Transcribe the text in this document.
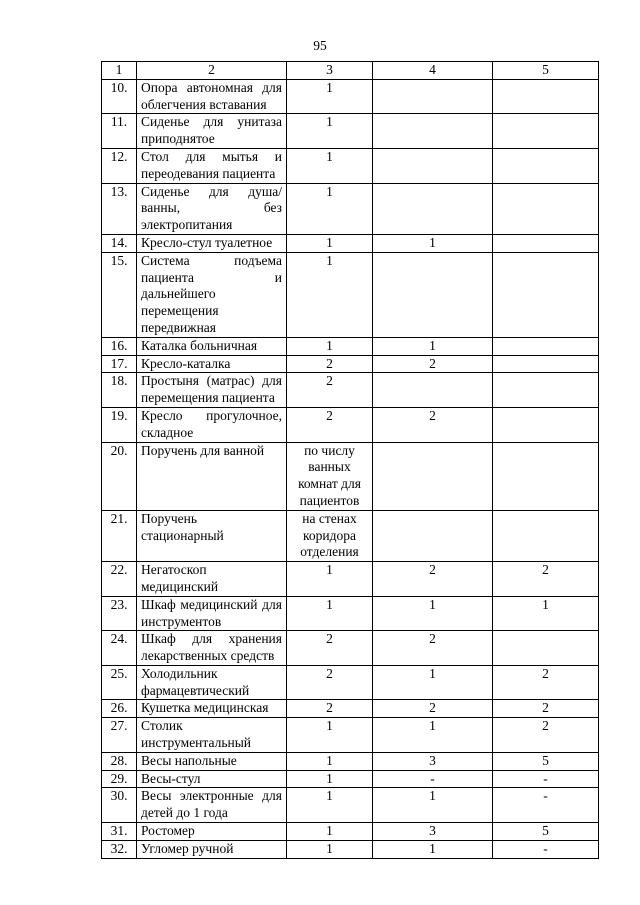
95
1	2	3	4	5
10.	Опора автономная для облегчения вставания	1		
11.	Сиденье для унитаза приподнятое	1		
12.	Стол для мытья и переодевания пациента	1		
13.	Сиденье для душа/ванны, без электропитания	1		
14.	Кресло-стул туалетное	1	1	
15.	Система подъема пациента и дальнейшего перемещения передвижная	1		
16.	Каталка больничная	1	1	
17.	Кресло-каталка	2	2	
18.	Простыня (матрас) для перемещения пациента	2		
19.	Кресло прогулочное, складное	2	2	
20.	Поручень для ванной	по числу ванных комнат для пациентов		
21.	Поручень стационарный	на стенах коридора отделения		
22.	Негатоскоп медицинский	1	2	2
23.	Шкаф медицинский для инструментов	1	1	1
24.	Шкаф для хранения лекарственных средств	2	2	
25.	Холодильник фармацевтический	2	1	2
26.	Кушетка медицинская	2	2	2
27.	Столик инструментальный	1	1	2
28.	Весы напольные	1	3	5
29.	Весы-стул	1	-	-
30.	Весы электронные для детей до 1 года	1	1	-
31.	Ростомер	1	3	5
32.	Угломер ручной	1	1	-
